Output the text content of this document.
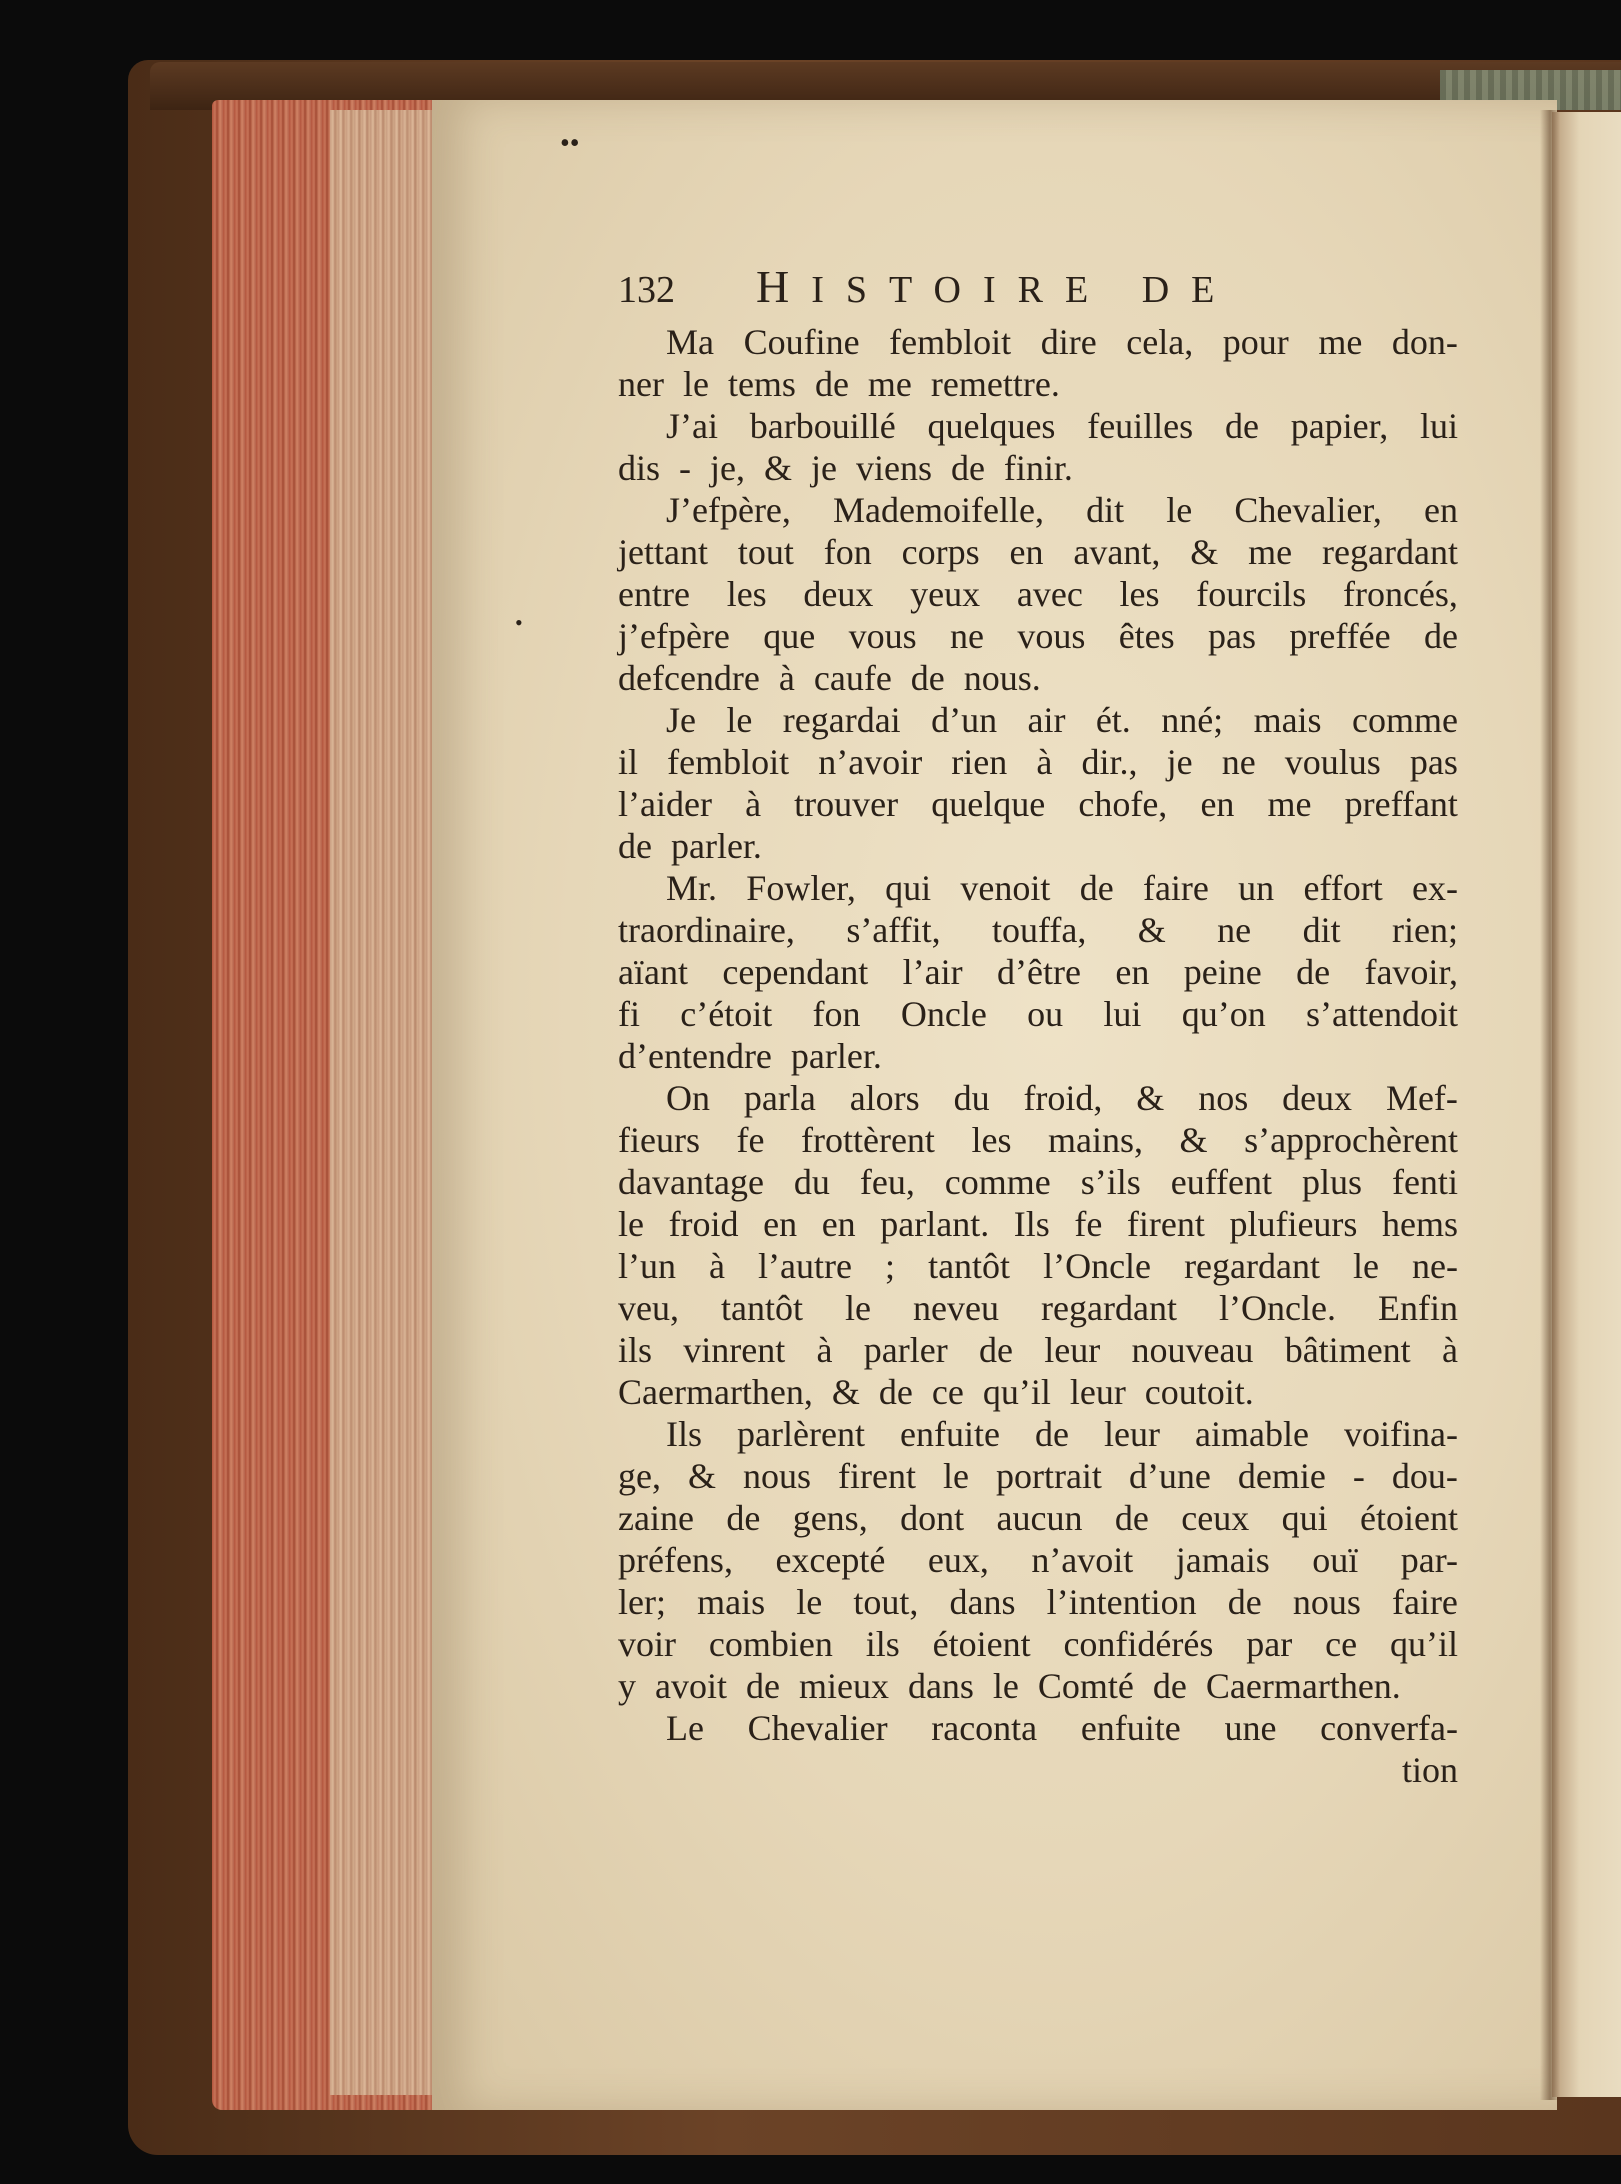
••
•
132	HISTOIRE DE
Ma Coufine fembloit dire cela, pour me don-
ner le tems de me remettre.
J’ai barbouillé quelques feuilles de papier, lui
dis - je, & je viens de finir.
J’efpère, Mademoifelle, dit le Chevalier, en
jettant tout fon corps en avant, & me regardant
entre les deux yeux avec les fourcils froncés,
j’efpère que vous ne vous êtes pas preffée de
defcendre à caufe de nous.
Je le regardai d’un air ét. nné; mais comme
il fembloit n’avoir rien à dir., je ne voulus pas
l’aider à trouver quelque chofe, en me preffant
de parler.
Mr. Fowler, qui venoit de faire un effort ex-
traordinaire, s’affit, touffa, & ne dit rien;
aïant cependant l’air d’être en peine de favoir,
fi c’étoit fon Oncle ou lui qu’on s’attendoit
d’entendre parler.
On parla alors du froid, & nos deux Mef-
fieurs fe frottèrent les mains, & s’approchèrent
davantage du feu, comme s’ils euffent plus fenti
le froid en en parlant. Ils fe firent plufieurs hems
l’un à l’autre ; tantôt l’Oncle regardant le ne-
veu, tantôt le neveu regardant l’Oncle. Enfin
ils vinrent à parler de leur nouveau bâtiment à
Caermarthen, & de ce qu’il leur coutoit.
Ils parlèrent enfuite de leur aimable voifina-
ge, & nous firent le portrait d’une demie - dou-
zaine de gens, dont aucun de ceux qui étoient
préfens, excepté eux, n’avoit jamais ouï par-
ler; mais le tout, dans l’intention de nous faire
voir combien ils étoient confidérés par ce qu’il
y avoit de mieux dans le Comté de Caermarthen.
Le Chevalier raconta enfuite une converfa-
tion
